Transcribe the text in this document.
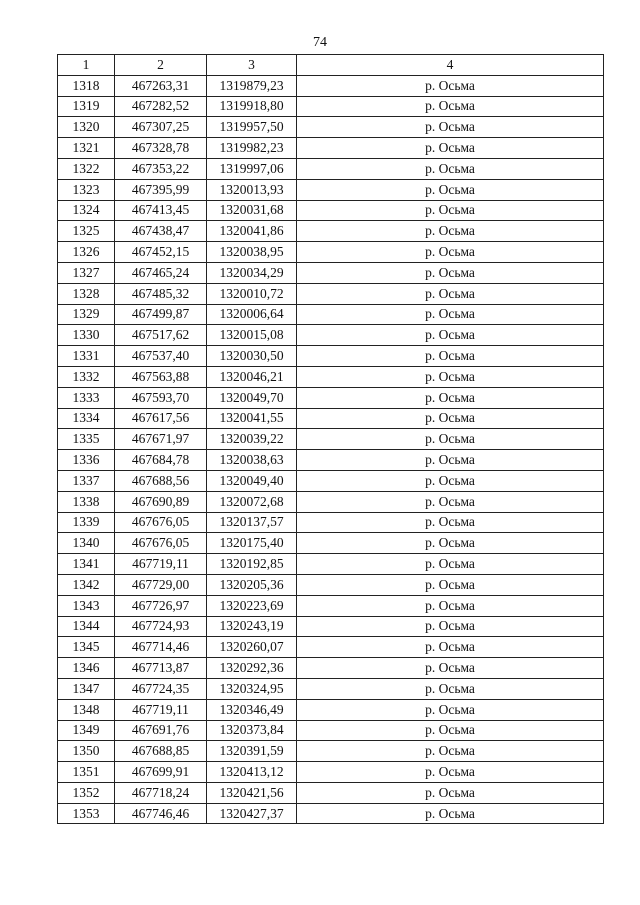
74
1	2	3	4
1318	467263,31	1319879,23	р. Осьма
1319	467282,52	1319918,80	р. Осьма
1320	467307,25	1319957,50	р. Осьма
1321	467328,78	1319982,23	р. Осьма
1322	467353,22	1319997,06	р. Осьма
1323	467395,99	1320013,93	р. Осьма
1324	467413,45	1320031,68	р. Осьма
1325	467438,47	1320041,86	р. Осьма
1326	467452,15	1320038,95	р. Осьма
1327	467465,24	1320034,29	р. Осьма
1328	467485,32	1320010,72	р. Осьма
1329	467499,87	1320006,64	р. Осьма
1330	467517,62	1320015,08	р. Осьма
1331	467537,40	1320030,50	р. Осьма
1332	467563,88	1320046,21	р. Осьма
1333	467593,70	1320049,70	р. Осьма
1334	467617,56	1320041,55	р. Осьма
1335	467671,97	1320039,22	р. Осьма
1336	467684,78	1320038,63	р. Осьма
1337	467688,56	1320049,40	р. Осьма
1338	467690,89	1320072,68	р. Осьма
1339	467676,05	1320137,57	р. Осьма
1340	467676,05	1320175,40	р. Осьма
1341	467719,11	1320192,85	р. Осьма
1342	467729,00	1320205,36	р. Осьма
1343	467726,97	1320223,69	р. Осьма
1344	467724,93	1320243,19	р. Осьма
1345	467714,46	1320260,07	р. Осьма
1346	467713,87	1320292,36	р. Осьма
1347	467724,35	1320324,95	р. Осьма
1348	467719,11	1320346,49	р. Осьма
1349	467691,76	1320373,84	р. Осьма
1350	467688,85	1320391,59	р. Осьма
1351	467699,91	1320413,12	р. Осьма
1352	467718,24	1320421,56	р. Осьма
1353	467746,46	1320427,37	р. Осьма
